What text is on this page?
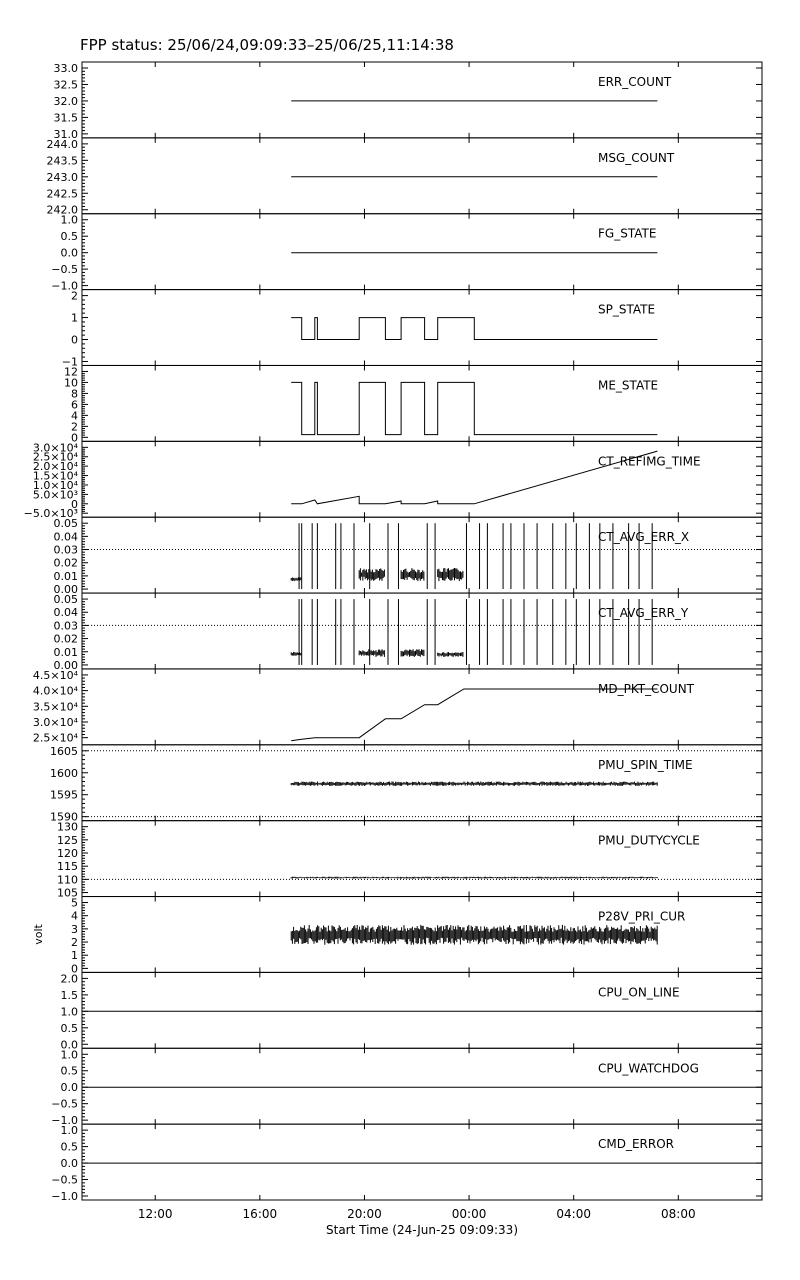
FPP status: 25/06/24,09:09:33–25/06/25,11:14:38
31.0
31.5
32.0
32.5
33.0
ERR_COUNT
242.0
242.5
243.0
243.5
244.0
MSG_COUNT
−1.0
−0.5
0.0
0.5
1.0
FG_STATE
−1
0
1
2
SP_STATE
0
2
4
6
8
10
12
ME_STATE
−5.0×10³
0
5.0×10³
1.0×10⁴
1.5×10⁴
2.0×10⁴
2.5×10⁴
3.0×10⁴
CT_REFIMG_TIME
0.00
0.01
0.02
0.03
0.04
0.05
CT_AVG_ERR_X
0.00
0.01
0.02
0.03
0.04
0.05
CT_AVG_ERR_Y
2.5×10⁴
3.0×10⁴
3.5×10⁴
4.0×10⁴
4.5×10⁴
MD_PKT_COUNT
1590
1595
1600
1605
PMU_SPIN_TIME
105
110
115
120
125
130
PMU_DUTYCYCLE
0
1
2
3
4
5
P28V_PRI_CUR
volt
0.0
0.5
1.0
1.5
2.0
CPU_ON_LINE
−1.0
−0.5
0.0
0.5
1.0
CPU_WATCHDOG
−1.0
−0.5
0.0
0.5
1.0
CMD_ERROR
12:00	16:00	20:00	00:00	04:00	08:00
Start Time (24-Jun-25 09:09:33)
